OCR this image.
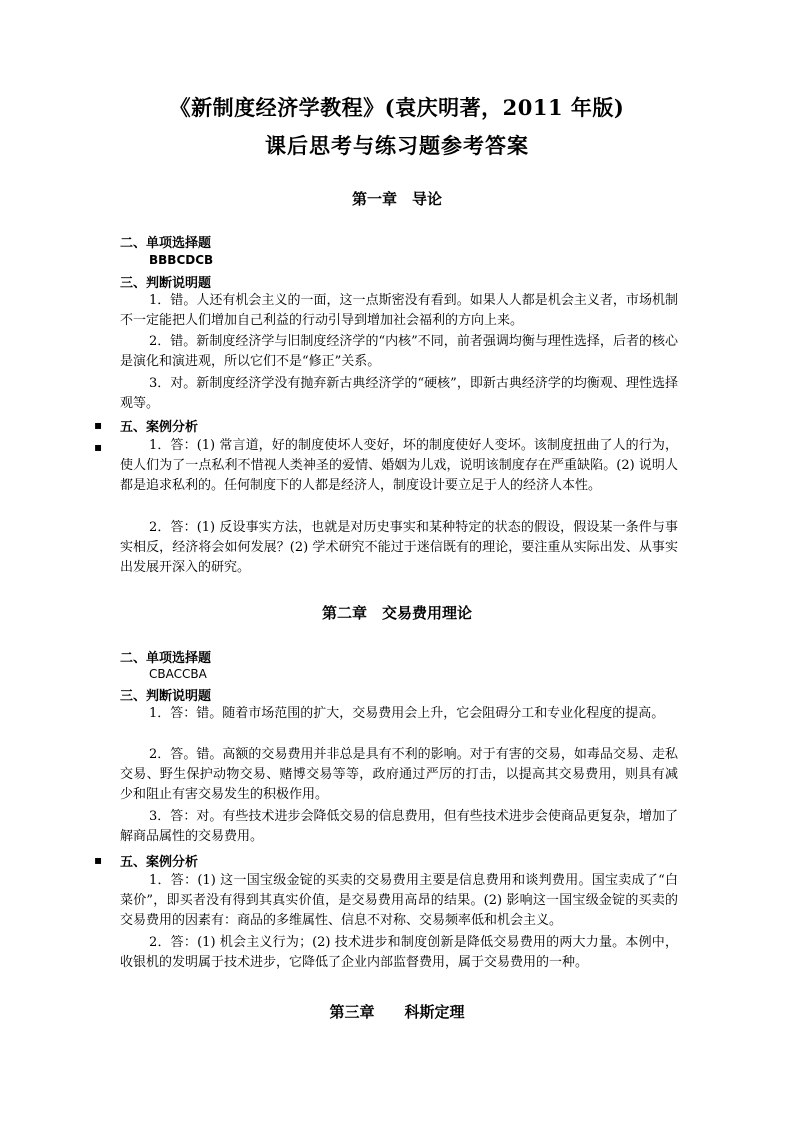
《新制度经济学教程》(袁庆明著，2011 年版)
课后思考与练习题参考答案
第一章　导论
二、单项选择题
BBBCDCB
三、判断说明题
1．错。人还有机会主义的一面，这一点斯密没有看到。如果人人都是机会主义者，市场机制不一定能把人们增加自己利益的行动引导到增加社会福利的方向上来。
2．错。新制度经济学与旧制度经济学的“内核”不同，前者强调均衡与理性选择，后者的核心是演化和演进观，所以它们不是“修正”关系。
3．对。新制度经济学没有抛弃新古典经济学的“硬核”，即新古典经济学的均衡观、理性选择观等。
▪ 五、案例分析
▪	1．答：(1) 常言道，好的制度使坏人变好，坏的制度使好人变坏。该制度扭曲了人的行为，使人们为了一点私利不惜视人类神圣的爱情、婚姻为儿戏，说明该制度存在严重缺陷。(2) 说明人都是追求私利的。任何制度下的人都是经济人，制度设计要立足于人的经济人本性。
2．答：(1) 反设事实方法，也就是对历史事实和某种特定的状态的假设，假设某一条件与事实相反，经济将会如何发展？(2) 学术研究不能过于迷信既有的理论，要注重从实际出发、从事实出发展开深入的研究。
第二章　交易费用理论
二、单项选择题
CBACCBA
三、判断说明题
1．答：错。随着市场范围的扩大，交易费用会上升，它会阻碍分工和专业化程度的提高。
2．答。错。高额的交易费用并非总是具有不利的影响。对于有害的交易，如毒品交易、走私交易、野生保护动物交易、赌博交易等等，政府通过严厉的打击，以提高其交易费用，则具有减少和阻止有害交易发生的积极作用。
3．答：对。有些技术进步会降低交易的信息费用，但有些技术进步会使商品更复杂，增加了解商品属性的交易费用。
▪ 五、案例分析
1．答：(1) 这一国宝级金锭的买卖的交易费用主要是信息费用和谈判费用。国宝卖成了“白菜价”，即买者没有得到其真实价值，是交易费用高昂的结果。(2) 影响这一国宝级金锭的买卖的交易费用的因素有：商品的多维属性、信息不对称、交易频率低和机会主义。
2．答：(1) 机会主义行为；(2) 技术进步和制度创新是降低交易费用的两大力量。本例中，收银机的发明属于技术进步，它降低了企业内部监督费用，属于交易费用的一种。
第三章　　科斯定理
